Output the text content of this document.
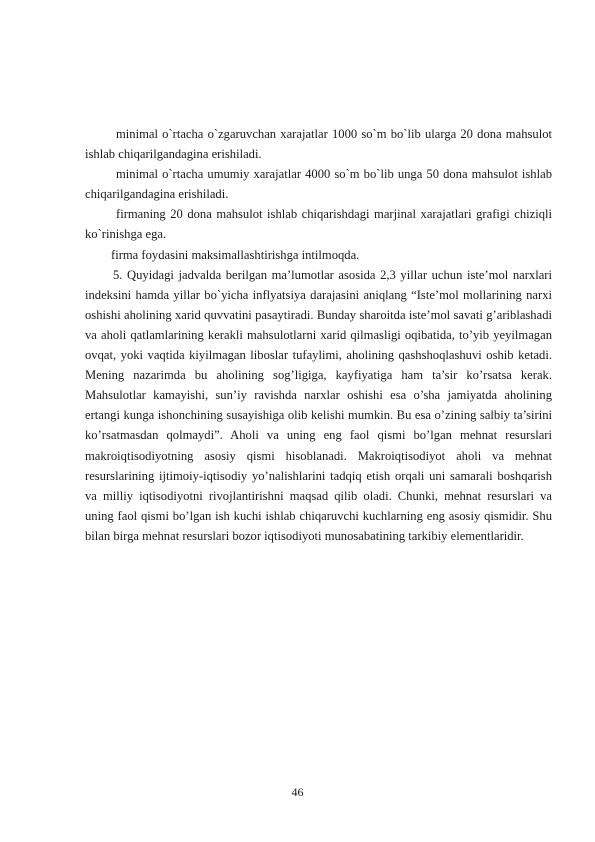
minimal o`rtacha o`zgaruvchan xarajatlar 1000 so`m bo`lib ularga 20 dona mahsulot ishlab chiqarilgandagina erishiladi.

minimal o`rtacha umumiy xarajatlar 4000 so`m bo`lib unga 50 dona mahsulot ishlab chiqarilgandagina erishiladi.

firmaning 20 dona mahsulot ishlab chiqarishdagi marjinal xarajatlari grafigi chiziqli ko`rinishga ega.

firma foydasini maksimallashtirishga intilmoqda.

5. Quyidagi jadvalda berilgan ma’lumotlar asosida 2,3 yillar uchun iste’mol narxlari indeksini hamda yillar bo`yicha inflyatsiya darajasini aniqlang “Iste’mol mollarining narxi oshishi aholining xarid quvvatini pasaytiradi. Bunday sharoitda iste’mol savati g’ariblashadi va aholi qatlamlarining kerakli mahsulotlarni xarid qilmasligi oqibatida, to’yib yeyilmagan ovqat, yoki vaqtida kiyilmagan liboslar tufaylimi, aholining qashshoqlashuvi oshib ketadi. Mening nazarimda bu aholining sog’ligiga, kayfiyatiga ham ta’sir ko’rsatsa kerak. Mahsulotlar kamayishi, sun’iy ravishda narxlar oshishi esa o’sha jamiyatda aholining ertangi kunga ishonchining susayishiga olib kelishi mumkin. Bu esa o’zining salbiy ta’sirini ko’rsatmasdan qolmaydi”. Aholi va uning eng faol qismi bo’lgan mehnat resurslari makroiqtisodiyotning asosiy qismi hisoblanadi. Makroiqtisodiyot aholi va mehnat resurslarining ijtimoiy-iqtisodiy yo’nalishlarini tadqiq etish orqali uni samarali boshqarish va milliy iqtisodiyotni rivojlantirishni maqsad qilib oladi. Chunki, mehnat resurslari va uning faol qismi bo’lgan ish kuchi ishlab chiqaruvchi kuchlarning eng asosiy qismidir. Shu bilan birga mehnat resurslari bozor iqtisodiyoti munosabatining tarkibiy elementlaridir.

46
